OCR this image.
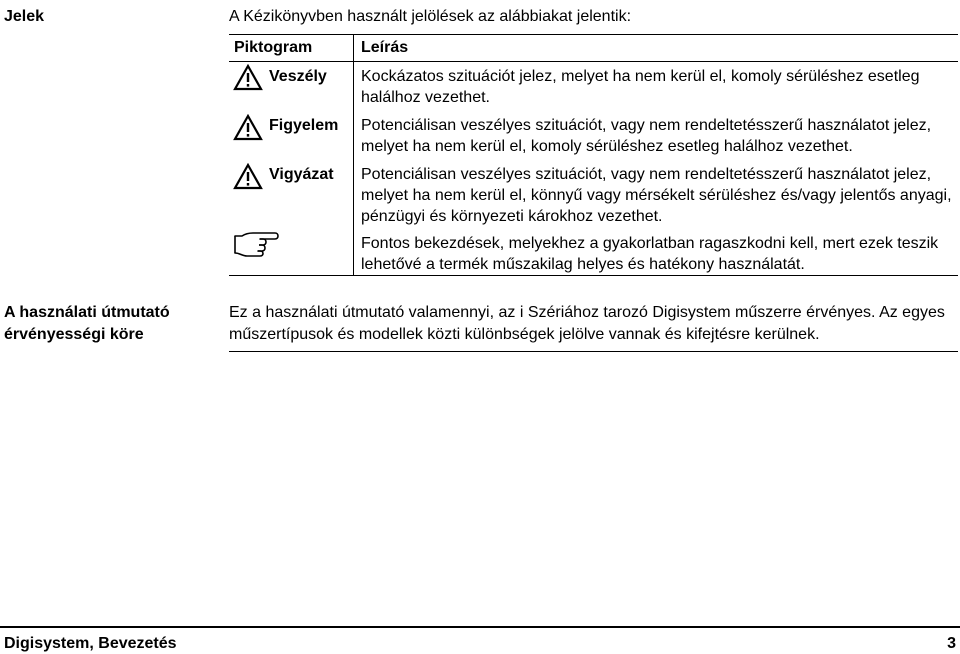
Jelek	A Kézikönyvben használt jelölések az alábbiakat jelentik:
Piktogram	Leírás
Veszély Kockázatos szituációt jelez, melyet ha nem kerül el, komoly sérüléshez esetleg halálhoz vezethet.
Figyelem Potenciálisan veszélyes szituációt, vagy nem rendeltetésszerű használatot jelez, melyet ha nem kerül el, komoly sérüléshez esetleg halálhoz vezethet.
Vigyázat Potenciálisan veszélyes szituációt, vagy nem rendeltetésszerű használatot jelez, melyet ha nem kerül el, könnyű vagy mérsékelt sérüléshez és/vagy jelentős anyagi, pénzügyi és környezeti károkhoz vezethet.
Fontos bekezdések, melyekhez a gyakorlatban ragaszkodni kell, mert ezek teszik lehetővé a termék műszakilag helyes és hatékony használatát.
A használati útmutató
érvényességi köre
Ez a használati útmutató valamennyi, az i Szériához tarozó Digisystem műszerre érvényes. Az egyes műszertípusok és modellek közti különbségek jelölve vannak és kifejtésre kerülnek.
Digisystem, Bevezetés	3
